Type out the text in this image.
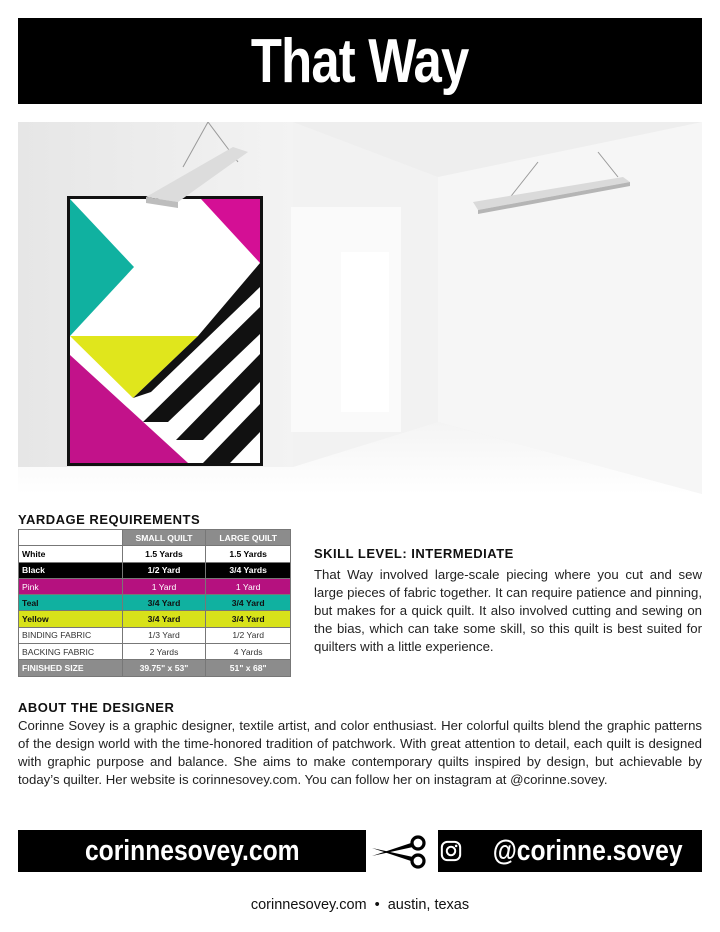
That Way
YARDAGE REQUIREMENTS
	SMALL QUILT	LARGE QUILT
White	1.5 Yards	1.5 Yards
Black	1/2 Yard	3/4 Yards
Pink	1 Yard	1 Yard
Teal	3/4 Yard	3/4 Yard
Yellow	3/4 Yard	3/4 Yard
BINDING FABRIC	1/3 Yard	1/2 Yard
BACKING FABRIC	2 Yards	4 Yards
FINISHED SIZE	39.75" x 53"	51" x 68"
SKILL LEVEL: INTERMEDIATE
That Way involved large-scale piecing where you cut and sew large pieces of fabric together. It can require patience and pinning, but makes for a quick quilt. It also involved cutting and sewing on the bias, which can take some skill, so this quilt is best suited for quilters with a little experience.
ABOUT THE DESIGNER
Corinne Sovey is a graphic designer, textile artist, and color enthusiast. Her colorful quilts blend the graphic patterns of the design world with the time-honored tradition of patchwork. With great attention to detail, each quilt is designed with graphic purpose and balance. She aims to make contemporary quilts inspired by design, but achievable by today’s quilter. Her website is corinnesovey.com. You can follow her on instagram at @corinne.sovey.
corinnesovey.com	@corinne.sovey
corinnesovey.com • austin, texas
